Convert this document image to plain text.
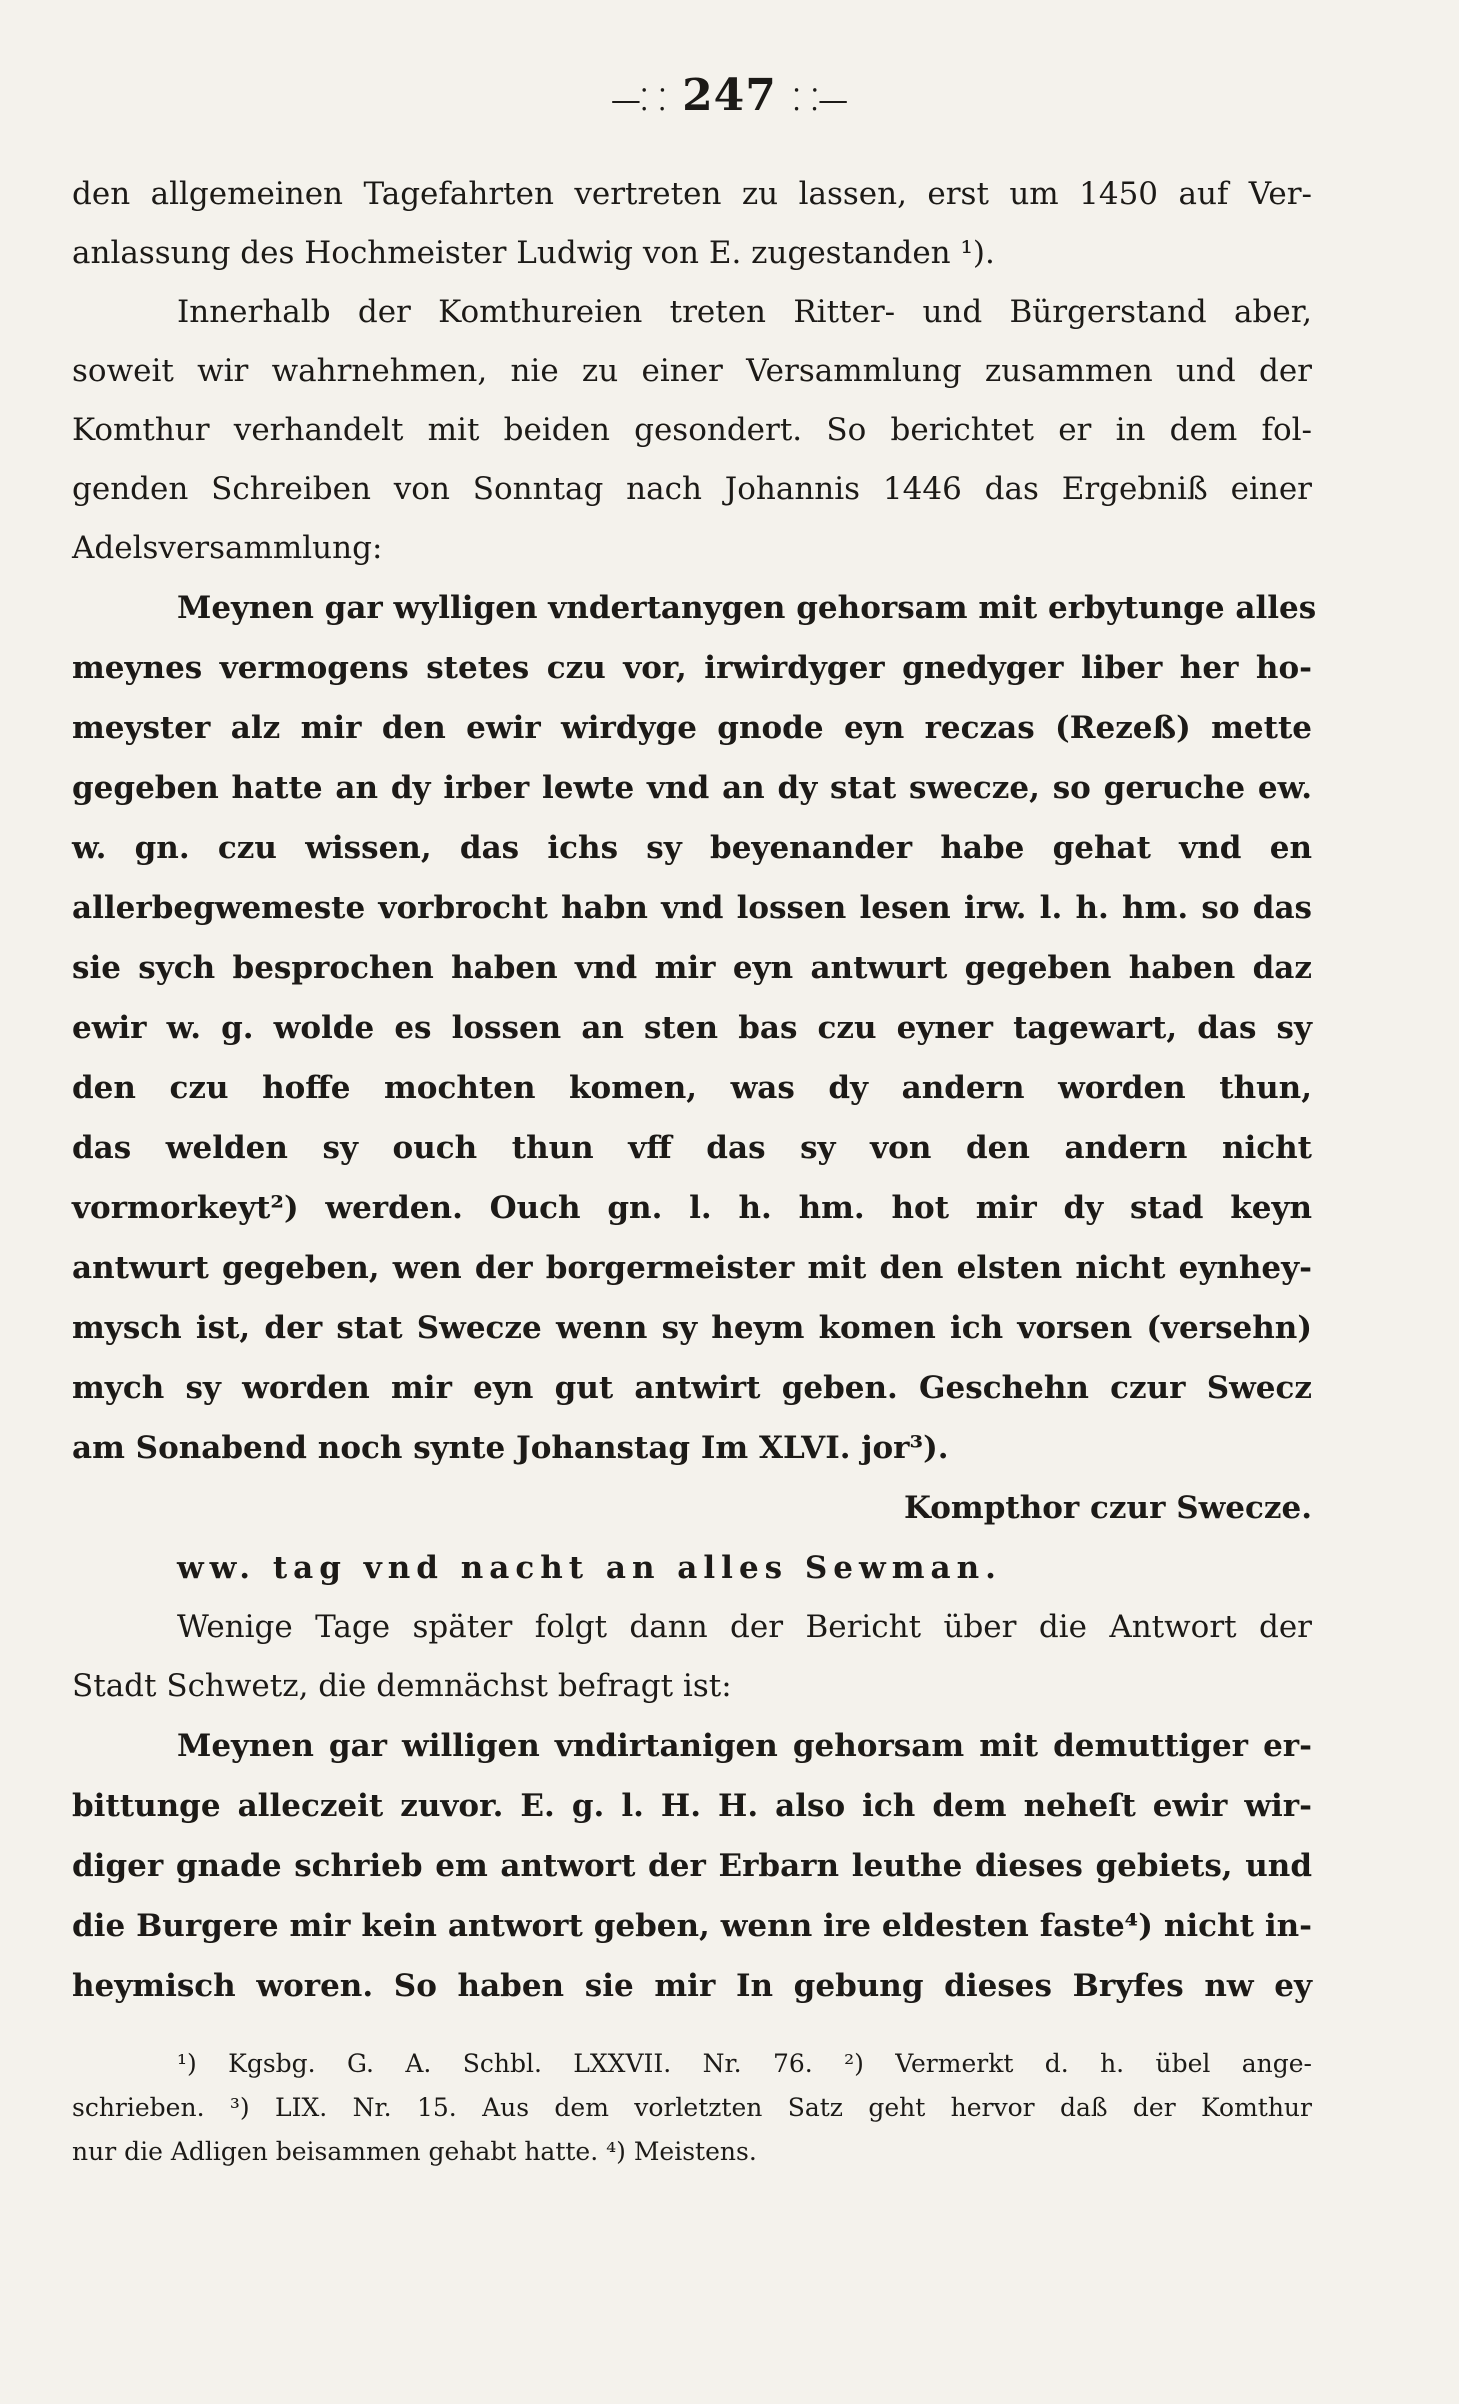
—⸬ 247 ⸬—
den allgemeinen Tagefahrten vertreten zu lassen, erst um 1450 auf Ver-
anlassung des Hochmeister Ludwig von E. zugestanden ¹).
Innerhalb der Komthureien treten Ritter- und Bürgerstand aber,
soweit wir wahrnehmen, nie zu einer Versammlung zusammen und der
Komthur verhandelt mit beiden gesondert. So berichtet er in dem fol-
genden Schreiben von Sonntag nach Johannis 1446 das Ergebniß einer
Adelsversammlung:
Meynen gar wylligen vndertanygen gehorsam mit erbytunge alles
meynes vermogens stetes czu vor, irwirdyger gnedyger liber her ho-
meyster alz mir den ewir wirdyge gnode eyn reczas (Rezeß) mette
gegeben hatte an dy irber lewte vnd an dy stat swecze, so geruche ew.
w. gn. czu wissen, das ichs sy beyenander habe gehat vnd en
allerbegwemeste vorbrocht habn vnd lossen lesen irw. l. h. hm. so das
sie sych besprochen haben vnd mir eyn antwurt gegeben haben daz
ewir w. g. wolde es lossen an sten bas czu eyner tagewart, das sy
den czu hoffe mochten komen, was dy andern worden thun,
das welden sy ouch thun vff das sy von den andern nicht
vormorkeyt²) werden. Ouch gn. l. h. hm. hot mir dy stad keyn
antwurt gegeben, wen der borgermeister mit den elsten nicht eynhey-
mysch ist, der stat Swecze wenn sy heym komen ich vorsen (versehn)
mych sy worden mir eyn gut antwirt geben. Geschehn czur Swecz
am Sonabend noch synte Johanstag Im XLVI. jor³).
Kompthor czur Swecze.
ww. tag vnd nacht an alles Sewman.
Wenige Tage später folgt dann der Bericht über die Antwort der
Stadt Schwetz, die demnächst befragt ist:
Meynen gar willigen vndirtanigen gehorsam mit demuttiger er-
bittunge alleczeit zuvor. E. g. l. H. H. also ich dem neheſt ewir wir-
diger gnade schrieb em antwort der Erbarn leuthe dieses gebiets, und
die Burgere mir kein antwort geben, wenn ire eldesten faste⁴) nicht in-
heymisch woren. So haben sie mir In gebung dieses Bryfes nw ey
¹) Kgsbg. G. A. Schbl. LXXVII. Nr. 76. ²) Vermerkt d. h. übel ange-
schrieben. ³) LIX. Nr. 15. Aus dem vorletzten Satz geht hervor daß der Komthur
nur die Adligen beisammen gehabt hatte. ⁴) Meistens.
